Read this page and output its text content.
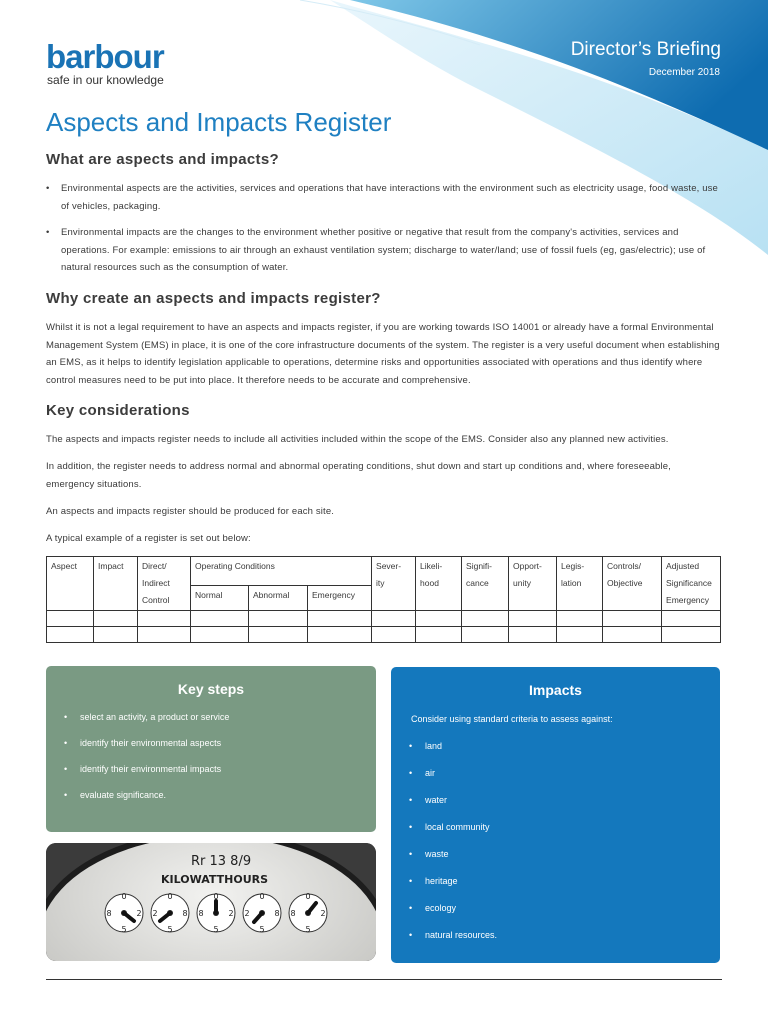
barbour
safe in our knowledge
Director’s Briefing
December 2018
Aspects and Impacts Register
What are aspects and impacts?
• Environmental aspects are the activities, services and operations that have interactions with the environment such as electricity usage, food waste, use of vehicles, packaging.
• Environmental impacts are the changes to the environment whether positive or negative that result from the company's activities, services and operations. For example: emissions to air through an exhaust ventilation system; discharge to water/land; use of fossil fuels (eg, gas/electric); use of natural resources such as the consumption of water.
Why create an aspects and impacts register?

Whilst it is not a legal requirement to have an aspects and impacts register, if you are working towards ISO 14001 or already have a formal Environmental Management System (EMS) in place, it is one of the core infrastructure documents of the system. The register is a very useful document when establishing an EMS, as it helps to identify legislation applicable to operations, determine risks and opportunities associated with operations and thus identify where control measures need to be put into place. It therefore needs to be accurate and comprehensive.

Key considerations

The aspects and impacts register needs to include all activities included within the scope of the EMS. Consider also any planned new activities.

In addition, the register needs to address normal and abnormal operating conditions, shut down and start up conditions and, where foreseeable, emergency situations.

An aspects and impacts register should be produced for each site.

A typical example of a register is set out below:

Aspect	Impact	Direct/ Indirect Control	Operating Conditions			Sever- ity	Likeli- hood	Signifi- cance	Opport- unity	Legis- lation	Controls/ Objective	Adjusted Significance Emergency
			Normal	Abnormal	Emergency							

Key steps
• select an activity, a product or service
• identify their environmental aspects
• identify their environmental impacts
• evaluate significance.
Impacts
Consider using standard criteria to assess against:
• land
• air
• water
• local community
• waste
• heritage
• ecology
• natural resources.
Rr 13 8/9
KILOWATTHOURS
0	0	0	0	0
8	2 2	8 8	2 2	8 8	2
5	5	5	5	5
